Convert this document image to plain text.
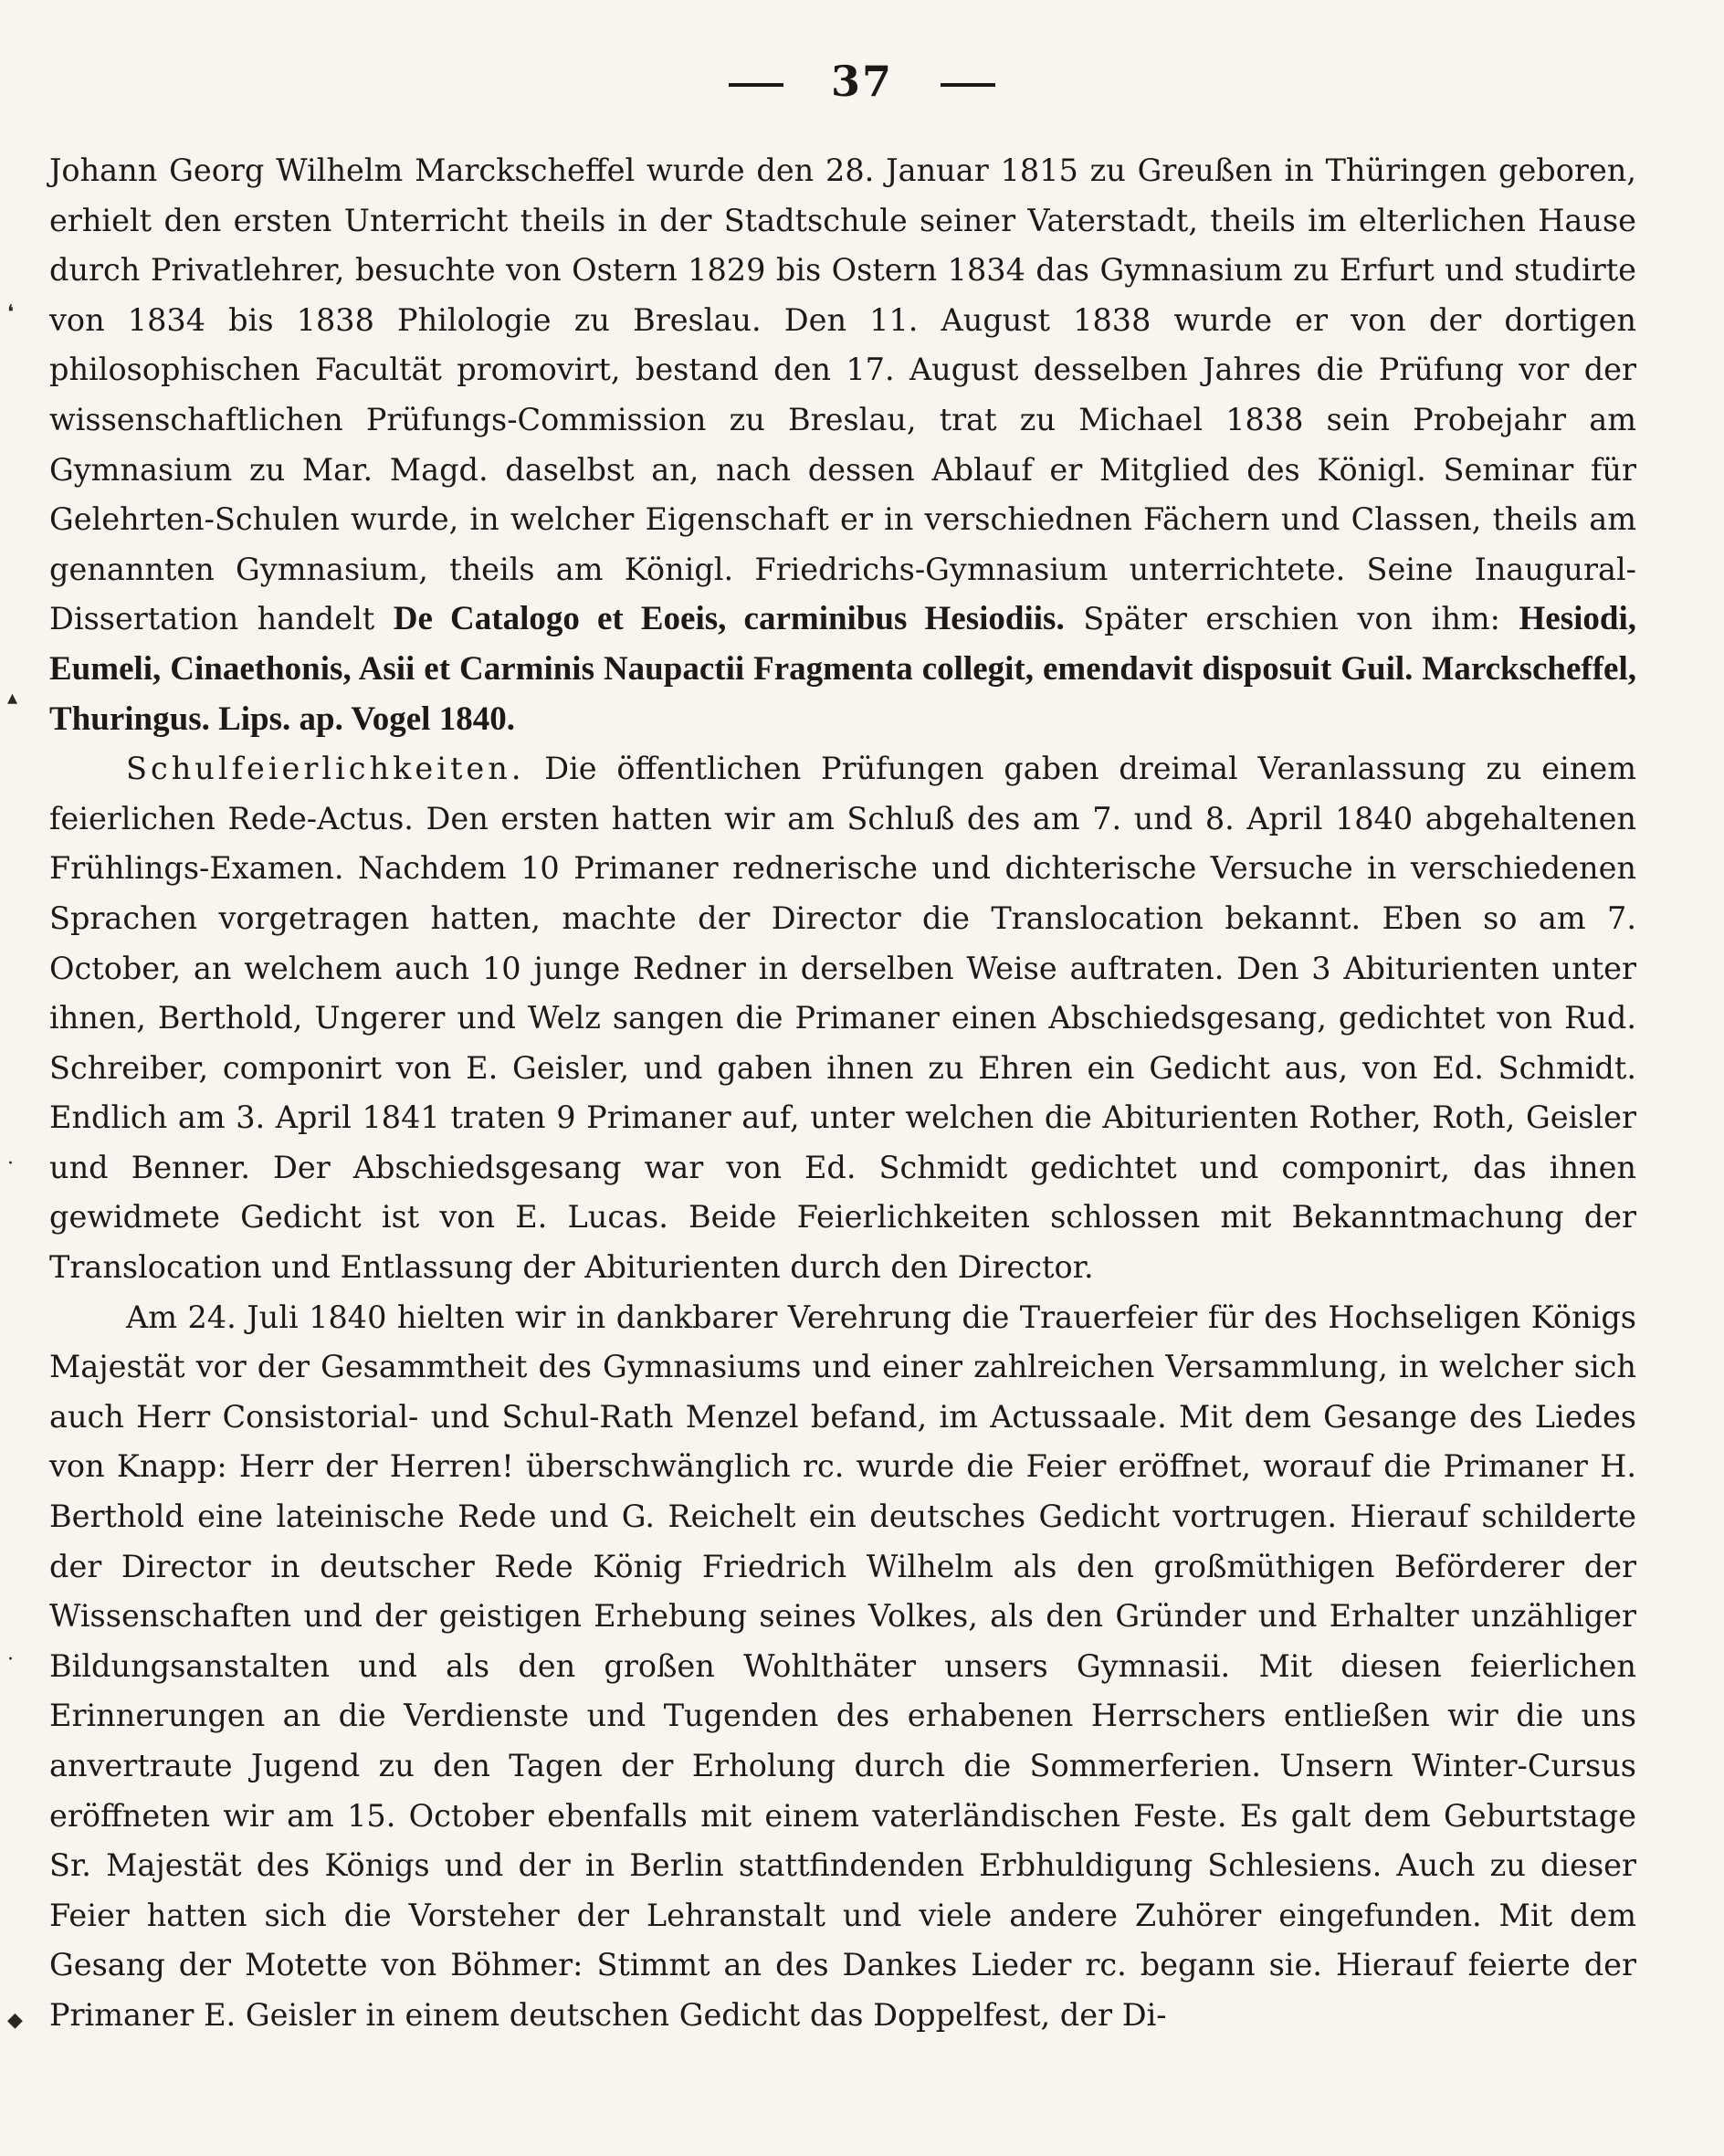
37
❛
▴
·
·
◆

Johann Georg Wilhelm Marckscheffel wurde den 28. Januar 1815 zu Greußen in Thüringen geboren, erhielt den ersten Unterricht theils in der Stadtschule seiner Vaterstadt, theils im elterlichen Hause durch Privatlehrer, besuchte von Ostern 1829 bis Ostern 1834 das Gymnasium zu Erfurt und studirte von 1834 bis 1838 Philologie zu Breslau. Den 11. August 1838 wurde er von der dortigen philosophischen Facultät promovirt, bestand den 17. August desselben Jahres die Prüfung vor der wissenschaftlichen Prüfungs-Commission zu Breslau, trat zu Michael 1838 sein Probejahr am Gymnasium zu Mar. Magd. daselbst an, nach dessen Ablauf er Mitglied des Königl. Seminar für Gelehrten-Schulen wurde, in welcher Eigenschaft er in verschiednen Fächern und Classen, theils am genannten Gymnasium, theils am Königl. Friedrichs-Gymnasium unterrichtete. Seine Inaugural-Dissertation handelt De Catalogo et Eoeis, carminibus Hesiodiis. Später erschien von ihm: Hesiodi, Eumeli, Cinaethonis, Asii et Carminis Naupactii Fragmenta collegit, emendavit disposuit Guil. Marckscheffel, Thuringus. Lips. ap. Vogel 1840.

Schulfeierlichkeiten. Die öffentlichen Prüfungen gaben dreimal Veranlassung zu einem feierlichen Rede-Actus. Den ersten hatten wir am Schluß des am 7. und 8. April 1840 abgehaltenen Frühlings-Examen. Nachdem 10 Primaner rednerische und dichterische Versuche in verschiedenen Sprachen vorgetragen hatten, machte der Director die Translocation bekannt. Eben so am 7. October, an welchem auch 10 junge Redner in derselben Weise auftraten. Den 3 Abiturienten unter ihnen, Berthold, Ungerer und Welz sangen die Primaner einen Abschiedsgesang, gedichtet von Rud. Schreiber, componirt von E. Geisler, und gaben ihnen zu Ehren ein Gedicht aus, von Ed. Schmidt. Endlich am 3. April 1841 traten 9 Primaner auf, unter welchen die Abiturienten Rother, Roth, Geisler und Benner. Der Abschiedsgesang war von Ed. Schmidt gedichtet und componirt, das ihnen gewidmete Gedicht ist von E. Lucas. Beide Feierlichkeiten schlossen mit Bekanntmachung der Translocation und Entlassung der Abiturienten durch den Director.

Am 24. Juli 1840 hielten wir in dankbarer Verehrung die Trauerfeier für des Hochseligen Königs Majestät vor der Gesammtheit des Gymnasiums und einer zahlreichen Versammlung, in welcher sich auch Herr Consistorial- und Schul-Rath Menzel befand, im Actussaale. Mit dem Gesange des Liedes von Knapp: Herr der Herren! überschwänglich rc. wurde die Feier eröffnet, worauf die Primaner H. Berthold eine lateinische Rede und G. Reichelt ein deutsches Gedicht vortrugen. Hierauf schilderte der Director in deutscher Rede König Friedrich Wilhelm als den großmüthigen Beförderer der Wissenschaften und der geistigen Erhebung seines Volkes, als den Gründer und Erhalter unzähliger Bildungsanstalten und als den großen Wohlthäter unsers Gymnasii. Mit diesen feierlichen Erinnerungen an die Verdienste und Tugenden des erhabenen Herrschers entließen wir die uns anvertraute Jugend zu den Tagen der Erholung durch die Sommerferien. Unsern Winter-Cursus eröffneten wir am 15. October ebenfalls mit einem vaterländischen Feste. Es galt dem Geburtstage Sr. Majestät des Königs und der in Berlin stattfindenden Erbhuldigung Schlesiens. Auch zu dieser Feier hatten sich die Vorsteher der Lehranstalt und viele andere Zuhörer eingefunden. Mit dem Gesang der Motette von Böhmer: Stimmt an des Dankes Lieder rc. begann sie. Hierauf feierte der Primaner E. Geisler in einem deutschen Gedicht das Doppelfest, der Di-
